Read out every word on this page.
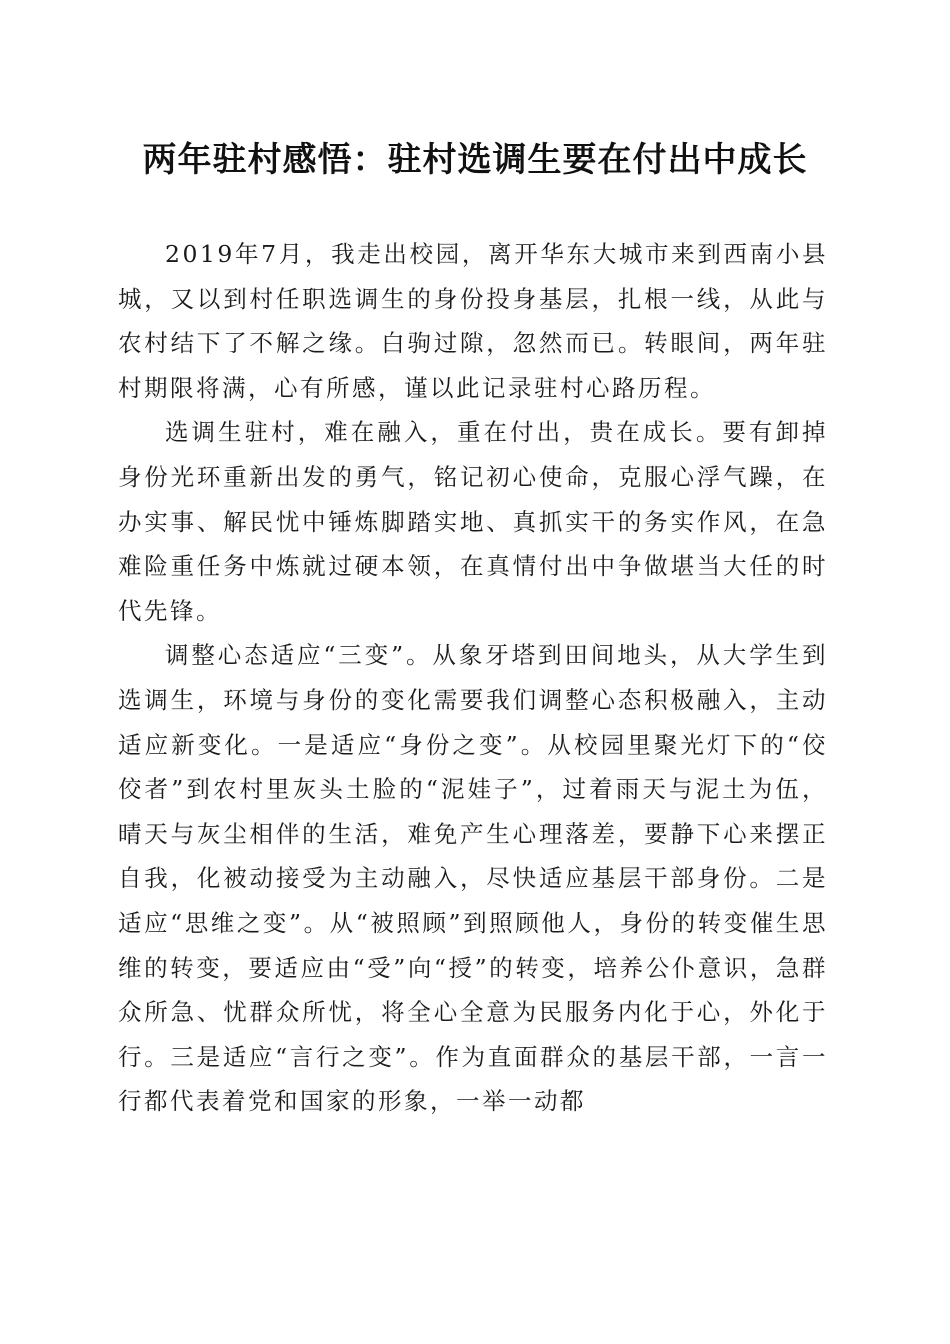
两年驻村感悟：驻村选调生要在付出中成长

2019年7月，我走出校园，离开华东大城市来到西南小县城，又以到村任职选调生的身份投身基层，扎根一线，从此与农村结下了不解之缘。白驹过隙，忽然而已。转眼间，两年驻村期限将满，心有所感，谨以此记录驻村心路历程。

选调生驻村，难在融入，重在付出，贵在成长。要有卸掉身份光环重新出发的勇气，铭记初心使命，克服心浮气躁，在办实事、解民忧中锤炼脚踏实地、真抓实干的务实作风，在急难险重任务中炼就过硬本领，在真情付出中争做堪当大任的时代先锋。

调整心态适应“三变”。从象牙塔到田间地头，从大学生到选调生，环境与身份的变化需要我们调整心态积极融入，主动适应新变化。一是适应“身份之变”。从校园里聚光灯下的“佼佼者”到农村里灰头土脸的“泥娃子”，过着雨天与泥土为伍，晴天与灰尘相伴的生活，难免产生心理落差，要静下心来摆正自我，化被动接受为主动融入，尽快适应基层干部身份。二是适应“思维之变”。从“被照顾”到照顾他人，身份的转变催生思维的转变，要适应由“受”向“授”的转变，培养公仆意识，急群众所急、忧群众所忧，将全心全意为民服务内化于心，外化于行。三是适应“言行之变”。作为直面群众的基层干部，一言一行都代表着党和国家的形象，一举一动都
